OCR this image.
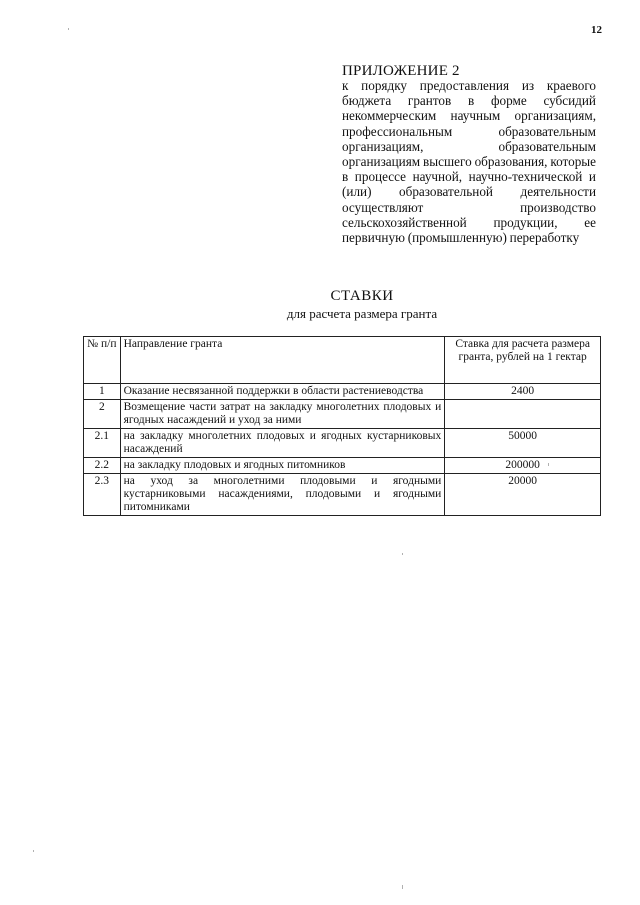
12
ПРИЛОЖЕНИЕ 2
к порядку предоставления из краевого бюджета грантов в форме субсидий некоммерческим научным организациям, профессиональным образовательным организациям, образовательным организациям высшего образования, которые в процессе научной, научно-технической и (или) образовательной деятельности осуществляют производство сельскохозяйственной продукции, ее первичную (промышленную) переработку
СТАВКИ
для расчета размера гранта
№ п/п	Направление гранта	Ставка для расчета размера гранта, рублей на 1 гектар
1	Оказание несвязанной поддержки в области растениеводства	2400
2	Возмещение части затрат на закладку многолетних плодовых и ягодных насаждений и уход за ними	
2.1	на закладку многолетних плодовых и ягодных кустарниковых насаждений	50000
2.2	на закладку плодовых и ягодных питомников	200000
2.3	на уход за многолетними плодовыми и ягодными кустарниковыми насаждениями, плодовыми и ягодными питомниками	20000
